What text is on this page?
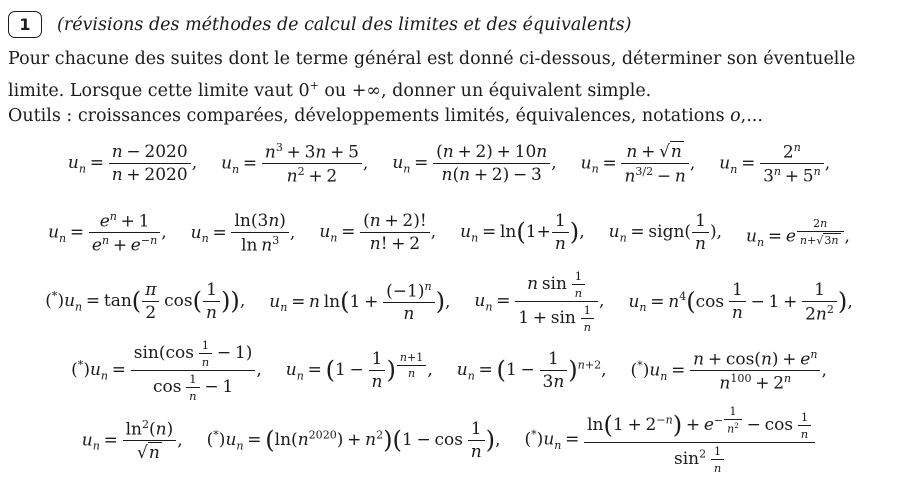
1 (révisions des méthodes de calcul des limites et des équivalents)
Pour chacune des suites dont le terme général est donné ci-dessous, déterminer son éventuelle
limite. Lorsque cette limite vaut 0+ ou +∞, donner un équivalent simple.
Outils : croissances comparées, développements limités, équivalences, notations o,...
$u_n = \frac{n - 2020}{n + 2020}$ , $u_n = \frac{n^3 + 3n + 5}{n^2 + 2}$ , $u_n = \frac{(n + 2) + 10n}{n(n + 2) - 3}$ , $u_n = \frac{n + √n}{n^{3/2} - n}$ , $u_n = \frac{2^n}{3^n + 5^n}$ ,
$u_n = \frac{e^n + 1}{e^n + e^{-n}}$ , $u_n = \frac{\ln(3n)}{\ln n^3}$ , $u_n = \frac{(n + 2)!}{n! + 2}$ , $u_n = \ln(1+ \frac{1}{n}$ ), $u_n$ = sign( $\frac{1}{n}$ ), $u_n = e$ $^{\frac{2n}{n+√3n}}$ ,
$(^*)u_n = \tan( \frac{\pi}{2} \cos( \frac{1}{n}$ )), $u_n = n$ $\ln(1 + \frac{(-1)^n}{n}$ ), $u_n = \frac{n \sin \frac{1}{n}}{1 + \sin \frac{1}{n}}$ , $u_n = n^4(\cos \frac{1}{n} - 1 + \frac{1}{2n^2}$ ),
$(^*)u_n = \frac{\sin(\cos \frac{1}{n} - 1)}{\cos \frac{1}{n} - 1}$ , $u_n = (1 - \frac{1}{n}$ ) $^{\frac{n+1}{n}}$ , $u_n = (1 - \frac{1}{3n} )^{n+2}$, $(^*)u_n = \frac{n + \cos(n) + e^n}{n^{100} + 2^n}$ ,
$u_n = \frac{\ln^2(n)}{√n}$ , $(^*)u_n = (\ln(n^{2020}) + n^2)(1 - \cos \frac{1}{n}$ ), $(^*)u_n = \ln(1 + 2^{-n}) + e^{- \frac{1}{n^2}} - \cos \frac{1}{n}$
$\sin^2 \frac{1}{n}$
